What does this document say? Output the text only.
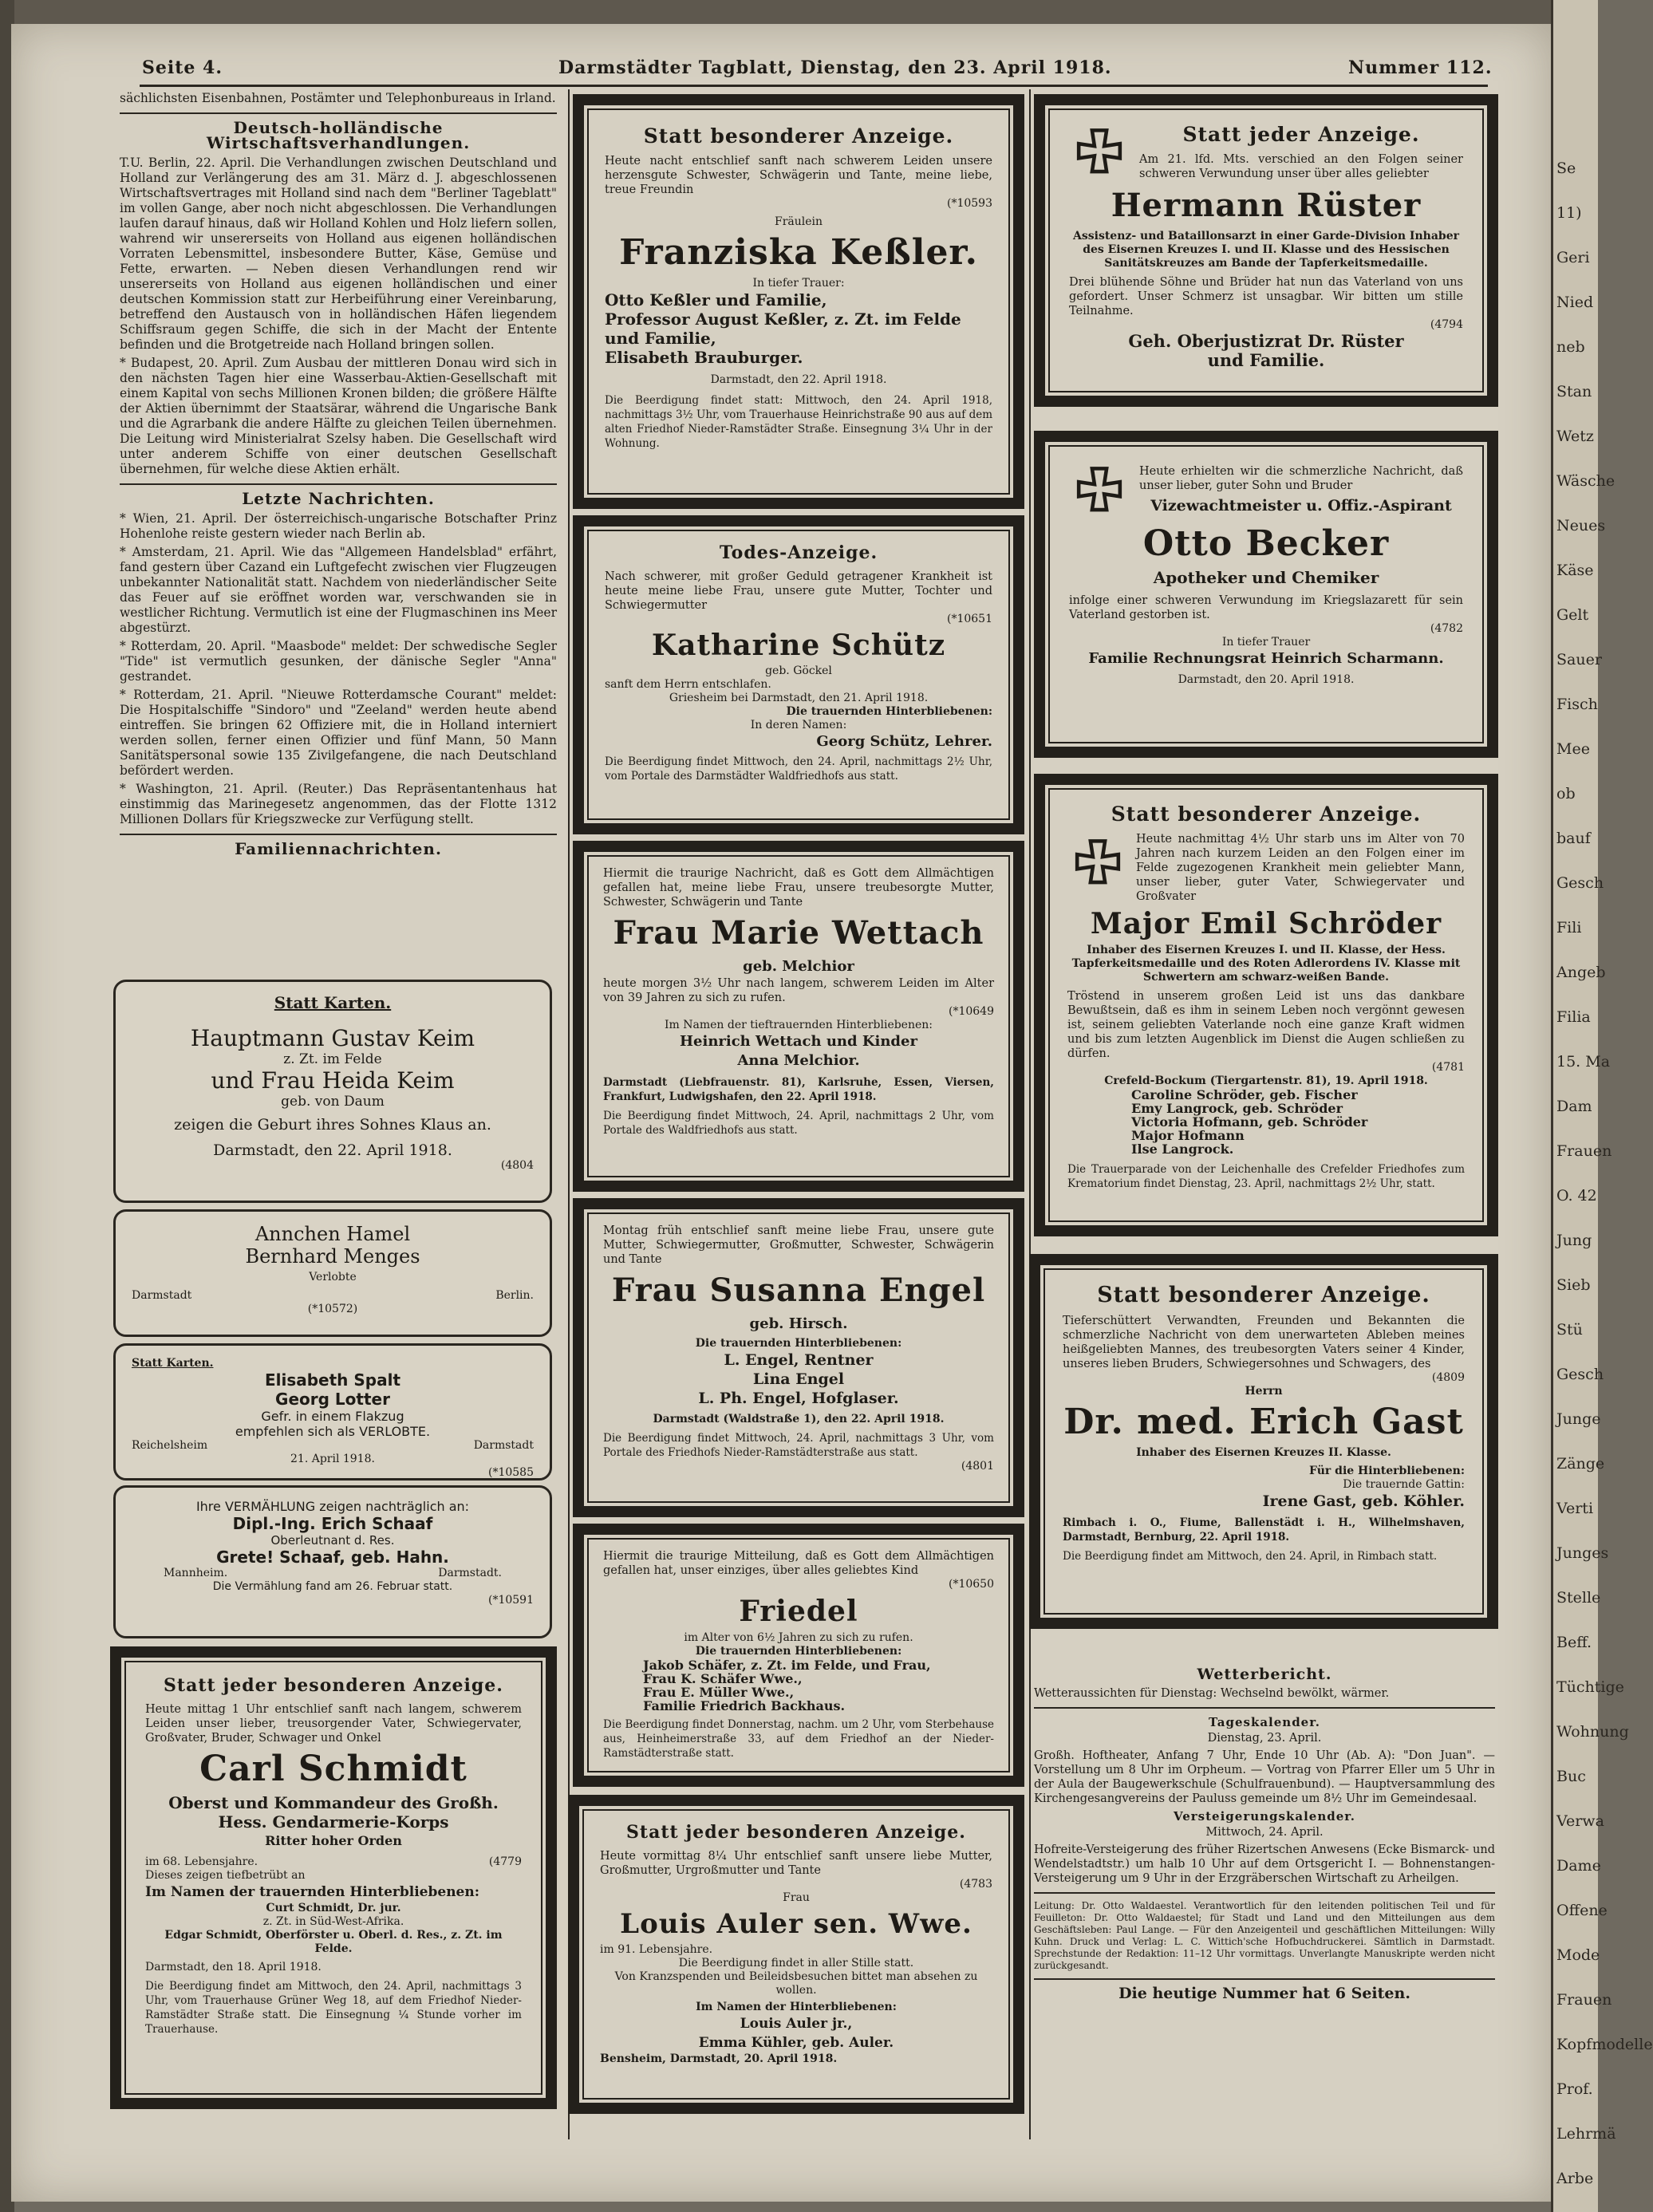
Se
11)
Geri
Nied
neb
Stan
Wetz
Wäsche
Neues
Käse
Gelt
Sauer
Fisch
Mee
ob
bauf
Gesch
Fili
Angeb
Filia
15. Ma
Dam
Frauen
O. 42
Jung
Sieb
Stü
Gesch
Junge
Zänge
Verti
Junges
Stelle
Beff.
Tüchtige
Wohnung
Buc
Verwa
Dame
Offene
Mode
Frauen
Kopfmodelle
Prof.
Lehrmä
Arbe
Seite 4.	Darmstädter Tagblatt, Dienstag, den 23. April 1918.	Nummer 112.

sächlichsten Eisenbahnen, Postämter und Telephonbureaus in Irland.

Deutsch-holländische Wirtschaftsverhandlungen.

T.U. Berlin, 22. April. Die Verhandlungen zwischen Deutschland und Holland zur Verlängerung des am 31. März d. J. abgeschlossenen Wirtschaftsvertrages mit Holland sind nach dem "Berliner Tageblatt" im vollen Gange, aber noch nicht abgeschlossen. Die Verhandlungen laufen darauf hinaus, daß wir Holland Kohlen und Holz liefern sollen, wahrend wir unsererseits von Holland aus eigenen holländischen Vorraten Lebensmittel, insbesondere Butter, Käse, Gemüse und Fette, erwarten. — Neben diesen Verhandlungen rend wir unsererseits von Holland aus eigenen holländischen und einer deutschen Kommission statt zur Herbeiführung einer Vereinbarung, betreffend den Austausch von in holländischen Häfen liegendem Schiffsraum gegen Schiffe, die sich in der Macht der Entente befinden und die Brotgetreide nach Holland bringen sollen.

* Budapest, 20. April. Zum Ausbau der mittleren Donau wird sich in den nächsten Tagen hier eine Wasserbau-Aktien-Gesellschaft mit einem Kapital von sechs Millionen Kronen bilden; die größere Hälfte der Aktien übernimmt der Staatsärar, während die Ungarische Bank und die Agrarbank die andere Hälfte zu gleichen Teilen übernehmen. Die Leitung wird Ministerialrat Szelsy haben. Die Gesellschaft wird unter anderem Schiffe von einer deutschen Gesellschaft übernehmen, für welche diese Aktien erhält.

Letzte Nachrichten.

* Wien, 21. April. Der österreichisch-ungarische Botschafter Prinz Hohenlohe reiste gestern wieder nach Berlin ab.

* Amsterdam, 21. April. Wie das "Allgemeen Handelsblad" erfährt, fand gestern über Cazand ein Luftgefecht zwischen vier Flugzeugen unbekannter Nationalität statt. Nachdem von niederländischer Seite das Feuer auf sie eröffnet worden war, verschwanden sie in westlicher Richtung. Vermutlich ist eine der Flugmaschinen ins Meer abgestürzt.

* Rotterdam, 20. April. "Maasbode" meldet: Der schwedische Segler "Tide" ist vermutlich gesunken, der dänische Segler "Anna" gestrandet.

* Rotterdam, 21. April. "Nieuwe Rotterdamsche Courant" meldet: Die Hospitalschiffe "Sindoro" und "Zeeland" werden heute abend eintreffen. Sie bringen 62 Offiziere mit, die in Holland interniert werden sollen, ferner einen Offizier und fünf Mann, 50 Mann Sanitätspersonal sowie 135 Zivilgefangene, die nach Deutschland befördert werden.

* Washington, 21. April. (Reuter.) Das Repräsentantenhaus hat einstimmig das Marinegesetz angenommen, das der Flotte 1312 Millionen Dollars für Kriegszwecke zur Verfügung stellt.

Familiennachrichten.
Statt Karten.
Hauptmann Gustav Keim
z. Zt. im Felde
und Frau Heida Keim
geb. von Daum
zeigen die Geburt ihres Sohnes Klaus an.
Darmstadt, den 22. April 1918.
(4804
Annchen Hamel
Bernhard Menges
Verlobte
Darmstadt	Berlin.
(*10572)
Statt Karten.
Elisabeth Spalt
Georg Lotter
Gefr. in einem Flakzug
empfehlen sich als VERLOBTE.
Reichelsheim	Darmstadt
21. April 1918.
(*10585
Ihre VERMÄHLUNG zeigen nachträglich an:
Dipl.-Ing. Erich Schaaf
Oberleutnant d. Res.
Grete! Schaaf, geb. Hahn.
Mannheim.	Darmstadt.
Die Vermählung fand am 26. Februar statt.
(*10591
Statt jeder besonderen Anzeige.
Heute mittag 1 Uhr entschlief sanft nach langem, schwerem Leiden unser lieber, treusorgender Vater, Schwiegervater, Großvater, Bruder, Schwager und Onkel
Carl Schmidt
Oberst und Kommandeur des Großh. Hess. Gendarmerie-Korps
Ritter hoher Orden
im 68. Lebensjahre.	(4779
Dieses zeigen tiefbetrübt an
Im Namen der trauernden Hinterbliebenen:
Curt Schmidt, Dr. jur.
z. Zt. in Süd-West-Afrika.
Edgar Schmidt, Oberförster u. Oberl. d. Res., z. Zt. im Felde.
Darmstadt, den 18. April 1918.
Die Beerdigung findet am Mittwoch, den 24. April, nachmittags 3 Uhr, vom Trauerhause Grüner Weg 18, auf dem Friedhof Nieder-Ramstädter Straße statt. Die Einsegnung ¼ Stunde vorher im Trauerhause.
Statt besonderer Anzeige.
Heute nacht entschlief sanft nach schwerem Leiden unsere herzensgute Schwester, Schwägerin und Tante, meine liebe, treue Freundin
(*10593
Fräulein
Franziska Keßler.
In tiefer Trauer:
Otto Keßler und Familie,
Professor August Keßler, z. Zt. im Felde
und Familie,
Elisabeth Brauburger.
Darmstadt, den 22. April 1918.
Die Beerdigung findet statt: Mittwoch, den 24. April 1918, nachmittags 3½ Uhr, vom Trauerhause Heinrichstraße 90 aus auf dem alten Friedhof Nieder-Ramstädter Straße. Einsegnung 3¼ Uhr in der Wohnung.
Todes-Anzeige.
Nach schwerer, mit großer Geduld getragener Krankheit ist heute meine liebe Frau, unsere gute Mutter, Tochter und Schwiegermutter
(*10651
Katharine Schütz
geb. Göckel
sanft dem Herrn entschlafen.
Griesheim bei Darmstadt, den 21. April 1918.
Die trauernden Hinterbliebenen:
In deren Namen:
Georg Schütz, Lehrer.
Die Beerdigung findet Mittwoch, den 24. April, nachmittags 2½ Uhr, vom Portale des Darmstädter Waldfriedhofs aus statt.
Hiermit die traurige Nachricht, daß es Gott dem Allmächtigen gefallen hat, meine liebe Frau, unsere treubesorgte Mutter, Schwester, Schwägerin und Tante
Frau Marie Wettach
geb. Melchior
heute morgen 3½ Uhr nach langem, schwerem Leiden im Alter von 39 Jahren zu sich zu rufen.
(*10649
Im Namen der tieftrauernden Hinterbliebenen:
Heinrich Wettach und Kinder
Anna Melchior.
Darmstadt (Liebfrauenstr. 81), Karlsruhe, Essen, Viersen, Frankfurt, Ludwigshafen, den 22. April 1918.
Die Beerdigung findet Mittwoch, 24. April, nachmittags 2 Uhr, vom Portale des Waldfriedhofs aus statt.
Montag früh entschlief sanft meine liebe Frau, unsere gute Mutter, Schwiegermutter, Großmutter, Schwester, Schwägerin und Tante
Frau Susanna Engel
geb. Hirsch.
Die trauernden Hinterbliebenen:
L. Engel, Rentner
Lina Engel
L. Ph. Engel, Hofglaser.
Darmstadt (Waldstraße 1), den 22. April 1918.
Die Beerdigung findet Mittwoch, 24. April, nachmittags 3 Uhr, vom Portale des Friedhofs Nieder-Ramstädterstraße aus statt.
(4801
Hiermit die traurige Mitteilung, daß es Gott dem Allmächtigen gefallen hat, unser einziges, über alles geliebtes Kind
(*10650
Friedel
im Alter von 6½ Jahren zu sich zu rufen.
Die trauernden Hinterbliebenen:
Jakob Schäfer, z. Zt. im Felde, und Frau,
Frau K. Schäfer Wwe.,
Frau E. Müller Wwe.,
Familie Friedrich Backhaus.
Die Beerdigung findet Donnerstag, nachm. um 2 Uhr, vom Sterbehause aus, Heinheimerstraße 33, auf dem Friedhof an der Nieder-Ramstädterstraße statt.
Statt jeder besonderen Anzeige.
Heute vormittag 8¼ Uhr entschlief sanft unsere liebe Mutter, Großmutter, Urgroßmutter und Tante
(4783
Frau
Louis Auler sen. Wwe.
im 91. Lebensjahre.
Die Beerdigung findet in aller Stille statt.
Von Kranzspenden und Beileidsbesuchen bittet man absehen zu wollen.
Im Namen der Hinterbliebenen:
Louis Auler jr.,
Emma Kühler, geb. Auler.
Bensheim, Darmstadt, 20. April 1918.
Statt jeder Anzeige.
Am 21. lfd. Mts. verschied an den Folgen seiner schweren Verwundung unser über alles geliebter
Hermann Rüster
Assistenz- und Bataillonsarzt in einer Garde-Division Inhaber des Eisernen Kreuzes I. und II. Klasse und des Hessischen Sanitätskreuzes am Bande der Tapferkeitsmedaille.
Drei blühende Söhne und Brüder hat nun das Vaterland von uns gefordert. Unser Schmerz ist unsagbar. Wir bitten um stille Teilnahme.
(4794
Geh. Oberjustizrat Dr. Rüster
und Familie.
Heute erhielten wir die schmerzliche Nachricht, daß unser lieber, guter Sohn und Bruder
Vizewachtmeister u. Offiz.-Aspirant
Otto Becker
Apotheker und Chemiker
infolge einer schweren Verwundung im Kriegslazarett für sein Vaterland gestorben ist.
(4782
In tiefer Trauer
Familie Rechnungsrat Heinrich Scharmann.
Darmstadt, den 20. April 1918.
Statt besonderer Anzeige.
Heute nachmittag 4½ Uhr starb uns im Alter von 70 Jahren nach kurzem Leiden an den Folgen einer im Felde zugezogenen Krankheit mein geliebter Mann, unser lieber, guter Vater, Schwiegervater und Großvater
Major Emil Schröder
Inhaber des Eisernen Kreuzes I. und II. Klasse, der Hess. Tapferkeitsmedaille und des Roten Adlerordens IV. Klasse mit Schwertern am schwarz-weißen Bande.
Tröstend in unserem großen Leid ist uns das dankbare Bewußtsein, daß es ihm in seinem Leben noch vergönnt gewesen ist, seinem geliebten Vaterlande noch eine ganze Kraft widmen und bis zum letzten Augenblick im Dienst die Augen schließen zu dürfen.
(4781
Crefeld-Bockum (Tiergartenstr. 81), 19. April 1918.
Caroline Schröder, geb. Fischer
Emy Langrock, geb. Schröder
Victoria Hofmann, geb. Schröder
Major Hofmann
Ilse Langrock.
Die Trauerparade von der Leichenhalle des Crefelder Friedhofes zum Krematorium findet Dienstag, 23. April, nachmittags 2½ Uhr, statt.
Statt besonderer Anzeige.
Tieferschüttert Verwandten, Freunden und Bekannten die schmerzliche Nachricht von dem unerwarteten Ableben meines heißgeliebten Mannes, des treubesorgten Vaters seiner 4 Kinder, unseres lieben Bruders, Schwiegersohnes und Schwagers, des
(4809
Herrn
Dr. med. Erich Gast
Inhaber des Eisernen Kreuzes II. Klasse.
Für die Hinterbliebenen:
Die trauernde Gattin:
Irene Gast, geb. Köhler.
Rimbach i. O., Fiume, Ballenstädt i. H., Wilhelmshaven, Darmstadt, Bernburg, 22. April 1918.
Die Beerdigung findet am Mittwoch, den 24. April, in Rimbach statt.
Wetterbericht.

Wetteraussichten für Dienstag: Wechselnd bewölkt, wärmer.

Tageskalender.

Dienstag, 23. April.

Großh. Hoftheater, Anfang 7 Uhr, Ende 10 Uhr (Ab. A): "Don Juan". — Vorstellung um 8 Uhr im Orpheum. — Vortrag von Pfarrer Eller um 5 Uhr in der Aula der Baugewerkschule (Schulfrauenbund). — Hauptversammlung des Kirchengesangvereins der Pauluss gemeinde um 8½ Uhr im Gemeindesaal.

Versteigerungskalender.

Mittwoch, 24. April.

Hofreite-Versteigerung des früher Rizertschen Anwesens (Ecke Bismarck- und Wendelstadtstr.) um halb 10 Uhr auf dem Ortsgericht I. — Bohnenstangen-Versteigerung um 9 Uhr in der Erzgräberschen Wirtschaft zu Arheilgen.

Leitung: Dr. Otto Waldaestel. Verantwortlich für den leitenden politischen Teil und für Feuilleton: Dr. Otto Waldaestel; für Stadt und Land und den Mitteilungen aus dem Geschäftsleben: Paul Lange. — Für den Anzeigenteil und geschäftlichen Mitteilungen: Willy Kuhn. Druck und Verlag: L. C. Wittich'sche Hofbuchdruckerei. Sämtlich in Darmstadt. Sprechstunde der Redaktion: 11–12 Uhr vormittags. Unverlangte Manuskripte werden nicht zurückgesandt.

Die heutige Nummer hat 6 Seiten.
